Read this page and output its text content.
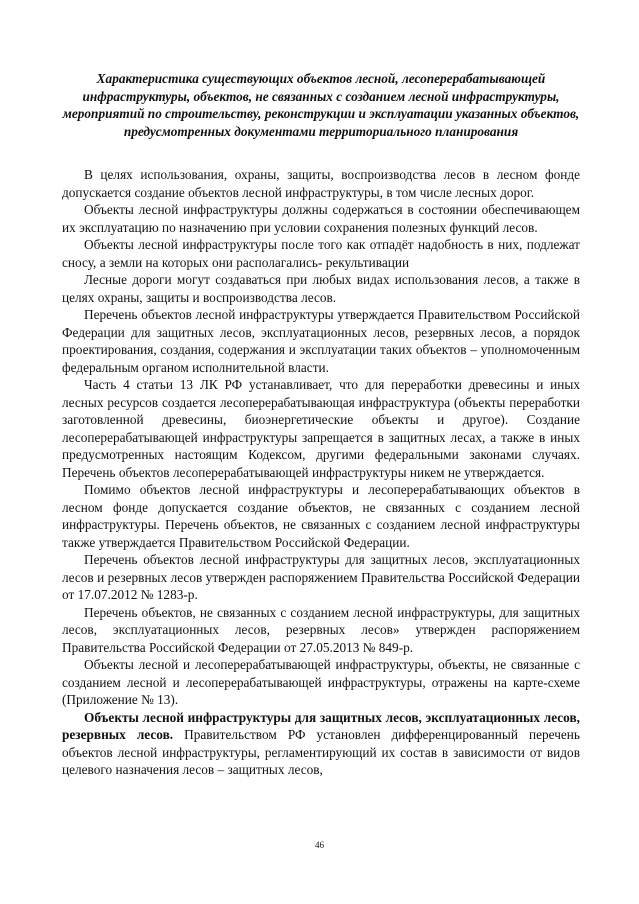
Характеристика существующих объектов лесной, лесоперерабатывающей инфраструктуры, объектов, не связанных с созданием лесной инфраструктуры, мероприятий по строительству, реконструкции и эксплуатации указанных объектов, предусмотренных документами территориального планирования

В целях использования, охраны, защиты, воспроизводства лесов в лесном фонде допускается создание объектов лесной инфраструктуры, в том числе лесных дорог.

Объекты лесной инфраструктуры должны содержаться в состоянии обеспечивающем их эксплуатацию по назначению при условии сохранения полезных функций лесов.

Объекты лесной инфраструктуры после того как отпадёт надобность в них, подлежат сносу, а земли на которых они располагались- рекультивации

Лесные дороги могут создаваться при любых видах использования лесов, а также в целях охраны, защиты и воспроизводства лесов.

Перечень объектов лесной инфраструктуры утверждается Правительством Российской Федерации для защитных лесов, эксплуатационных лесов, резервных лесов, а порядок проектирования, создания, содержания и эксплуатации таких объектов – уполномоченным федеральным органом исполнительной власти.

Часть 4 статьи 13 ЛК РФ устанавливает, что для переработки древесины и иных лесных ресурсов создается лесоперерабатывающая инфраструктура (объекты переработки заготовленной древесины, биоэнергетические объекты и другое). Создание лесоперерабатывающей инфраструктуры запрещается в защитных лесах, а также в иных предусмотренных настоящим Кодексом, другими федеральными законами случаях. Перечень объектов лесоперерабатывающей инфраструктуры никем не утверждается.

Помимо объектов лесной инфраструктуры и лесоперерабатывающих объектов в лесном фонде допускается создание объектов, не связанных с созданием лесной инфраструктуры. Перечень объектов, не связанных с созданием лесной инфраструктуры также утверждается Правительством Российской Федерации.

Перечень объектов лесной инфраструктуры для защитных лесов, эксплуатационных лесов и резервных лесов утвержден распоряжением Правительства Российской Федерации от 17.07.2012 № 1283-р.

Перечень объектов, не связанных с созданием лесной инфраструктуры, для защитных лесов, эксплуатационных лесов, резервных лесов» утвержден распоряжением Правительства Российской Федерации от 27.05.2013 № 849-р.

Объекты лесной и лесоперерабатывающей инфраструктуры, объекты, не связанные с созданием лесной и лесоперерабатывающей инфраструктуры, отражены на карте-схеме (Приложение № 13).

Объекты лесной инфраструктуры для защитных лесов, эксплуатационных лесов, резервных лесов. Правительством РФ установлен дифференцированный перечень объектов лесной инфраструктуры, регламентирующий их состав в зависимости от видов целевого назначения лесов – защитных лесов,

46
